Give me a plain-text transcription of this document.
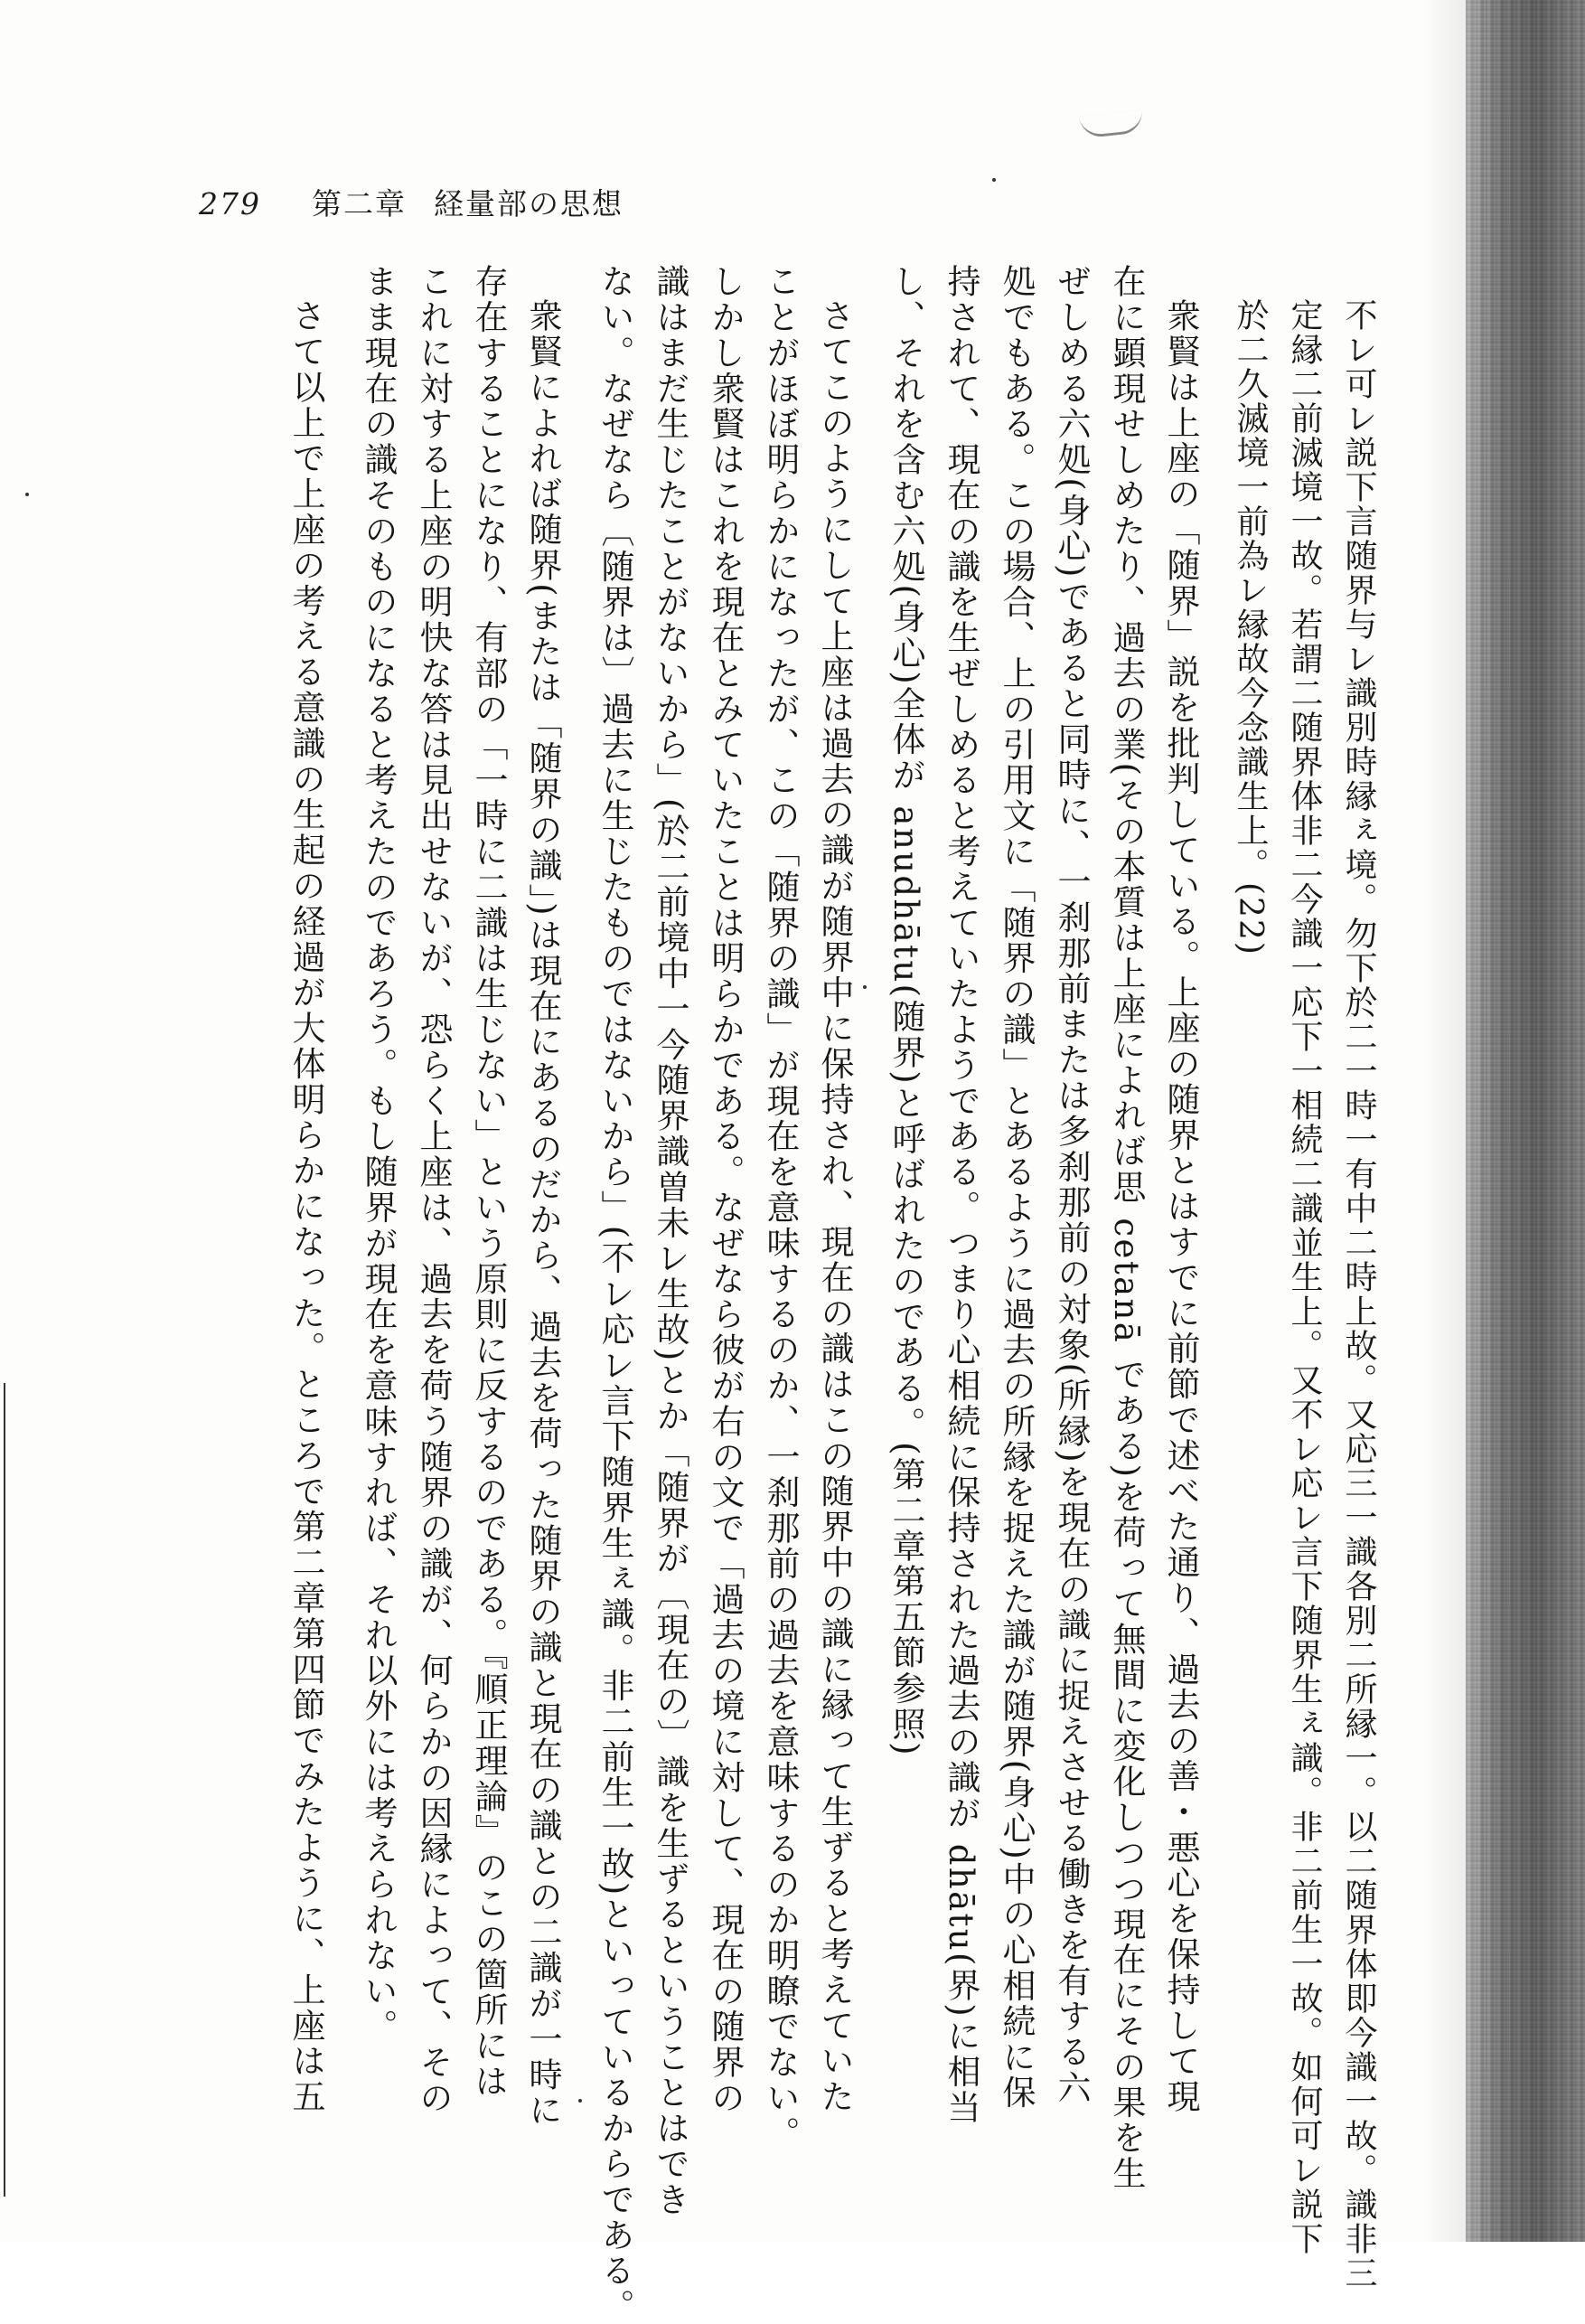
279 第二章 経量部の思想
不レ可レ説下言随界与レ識別時縁ぇ境。勿下於二一時一有中二時上故。又応三一識各別二所縁一。以二随界体即今識一故。識非三
定縁二前滅境一故。若謂二随界体非二今識一応下一相続二識並生上。又不レ応レ言下随界生ぇ識。非二前生一故。如何可レ説下
於二久滅境一前為レ縁故今念識生上。(22)
衆賢は上座の「随界」説を批判している。上座の随界とはすでに前節で述べた通り、過去の善・悪心を保持して現
在に顕現せしめたり、過去の業(その本質は上座によれば思 cetanā である)を荷って無間に変化しつつ現在にその果を生
ぜしめる六処(身心)であると同時に、一刹那前または多刹那前の対象(所縁)を現在の識に捉えさせる働きを有する六
処でもある。この場合、上の引用文に「随界の識」とあるように過去の所縁を捉えた識が随界(身心)中の心相続に保
持されて、現在の識を生ぜしめると考えていたようである。つまり心相続に保持された過去の識が dhātu(界)に相当
し、それを含む六処(身心)全体が anudhātu(随界)と呼ばれたのである。(第二章第五節参照)
さてこのようにして上座は過去の識が随界中に保持され、現在の識はこの随界中の識に縁って生ずると考えていた
ことがほぼ明らかになったが、この「随界の識」が現在を意味するのか、一刹那前の過去を意味するのか明瞭でない。
しかし衆賢はこれを現在とみていたことは明らかである。なぜなら彼が右の文で「過去の境に対して、現在の随界の
識はまだ生じたことがないから」(於二前境中一今随界識曽未レ生故)とか「随界が〔現在の〕識を生ずるということはでき
ない。なぜなら〔随界は〕過去に生じたものではないから」(不レ応レ言下随界生ぇ識。非二前生一故)といっているからである。
衆賢によれば随界(または「随界の識」)は現在にあるのだから、過去を荷った随界の識と現在の識との二識が一時に
存在することになり、有部の「一時に二識は生じない」という原則に反するのである。『順正理論』のこの箇所には
これに対する上座の明快な答は見出せないが、恐らく上座は、過去を荷う随界の識が、何らかの因縁によって、その
まま現在の識そのものになると考えたのであろう。もし随界が現在を意味すれば、それ以外には考えられない。
さて以上で上座の考える意識の生起の経過が大体明らかになった。ところで第二章第四節でみたように、上座は五
